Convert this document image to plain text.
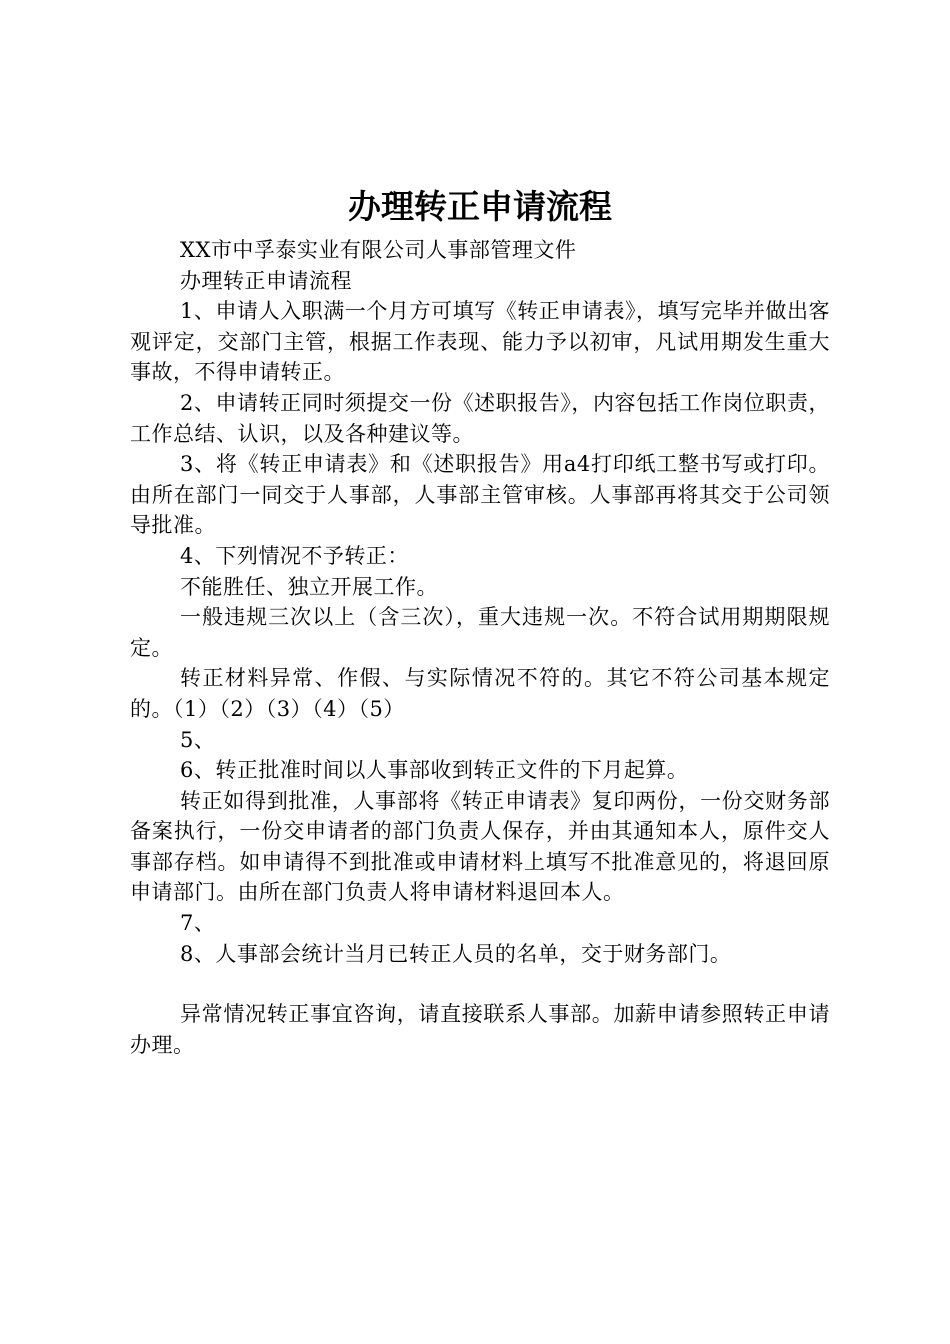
办理转正申请流程

XX市中孚泰实业有限公司人事部管理文件

办理转正申请流程

1、申请人入职满一个月方可填写《转正申请表》，填写完毕并做出客观评定，交部门主管，根据工作表现、能力予以初审，凡试用期发生重大事故，不得申请转正。

2、申请转正同时须提交一份《述职报告》，内容包括工作岗位职责，工作总结、认识，以及各种建议等。

3、将《转正申请表》和《述职报告》用a4打印纸工整书写或打印。由所在部门一同交于人事部，人事部主管审核。人事部再将其交于公司领导批准。

4、下列情况不予转正：

不能胜任、独立开展工作。

一般违规三次以上（含三次），重大违规一次。不符合试用期期限规定。

转正材料异常、作假、与实际情况不符的。其它不符公司基本规定的。（1）（2）（3）（4）（5）

5、

6、转正批准时间以人事部收到转正文件的下月起算。

转正如得到批准，人事部将《转正申请表》复印两份，一份交财务部备案执行，一份交申请者的部门负责人保存，并由其通知本人，原件交人事部存档。如申请得不到批准或申请材料上填写不批准意见的，将退回原申请部门。由所在部门负责人将申请材料退回本人。

7、

8、人事部会统计当月已转正人员的名单，交于财务部门。

异常情况转正事宜咨询，请直接联系人事部。加薪申请参照转正申请办理。
